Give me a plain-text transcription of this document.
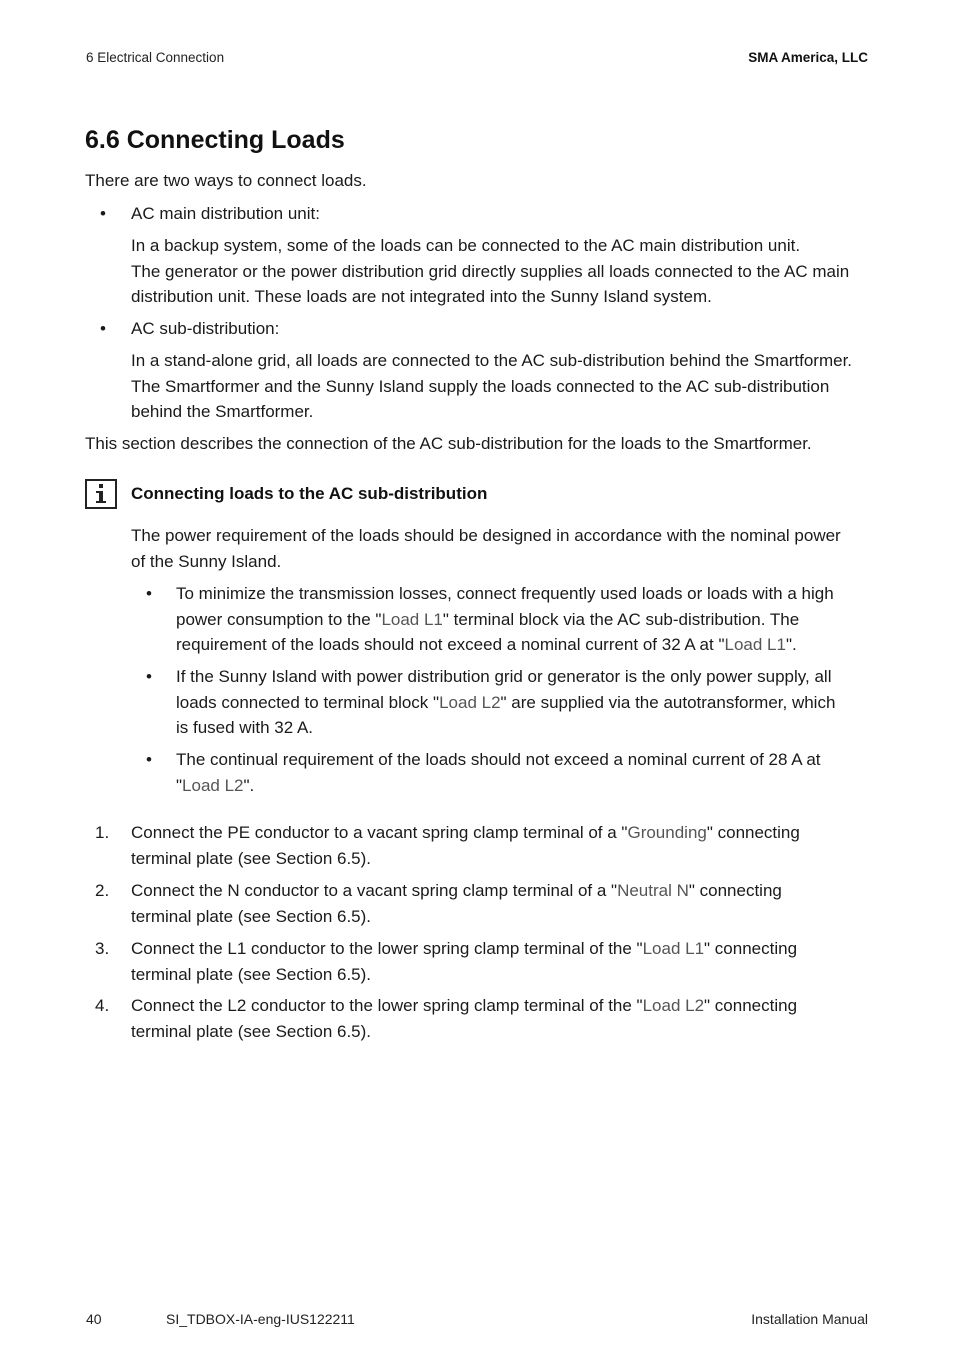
6 Electrical Connection	SMA America, LLC
6.6 Connecting Loads
There are two ways to connect loads.
• AC main distribution unit:
In a backup system, some of the loads can be connected to the AC main distribution unit.
The generator or the power distribution grid directly supplies all loads connected to the AC main
distribution unit. These loads are not integrated into the Sunny Island system.
• AC sub-distribution:
In a stand-alone grid, all loads are connected to the AC sub-distribution behind the Smartformer.
The Smartformer and the Sunny Island supply the loads connected to the AC sub-distribution
behind the Smartformer.
This section describes the connection of the AC sub-distribution for the loads to the Smartformer.
Connecting loads to the AC sub-distribution
The power requirement of the loads should be designed in accordance with the nominal power
of the Sunny Island.
• To minimize the transmission losses, connect frequently used loads or loads with a high
power consumption to the "Load L1" terminal block via the AC sub-distribution. The
requirement of the loads should not exceed a nominal current of 32 A at "Load L1".
• If the Sunny Island with power distribution grid or generator is the only power supply, all
loads connected to terminal block "Load L2" are supplied via the autotransformer, which
is fused with 32 A.
• The continual requirement of the loads should not exceed a nominal current of 28 A at
"Load L2".
1.	Connect the PE conductor to a vacant spring clamp terminal of a "Grounding" connecting
terminal plate (see Section 6.5).
2.	Connect the N conductor to a vacant spring clamp terminal of a "Neutral N" connecting
terminal plate (see Section 6.5).
3.	Connect the L1 conductor to the lower spring clamp terminal of the "Load L1" connecting
terminal plate (see Section 6.5).
4.	Connect the L2 conductor to the lower spring clamp terminal of the "Load L2" connecting
terminal plate (see Section 6.5).
40	SI_TDBOX-IA-eng-IUS122211	Installation Manual
